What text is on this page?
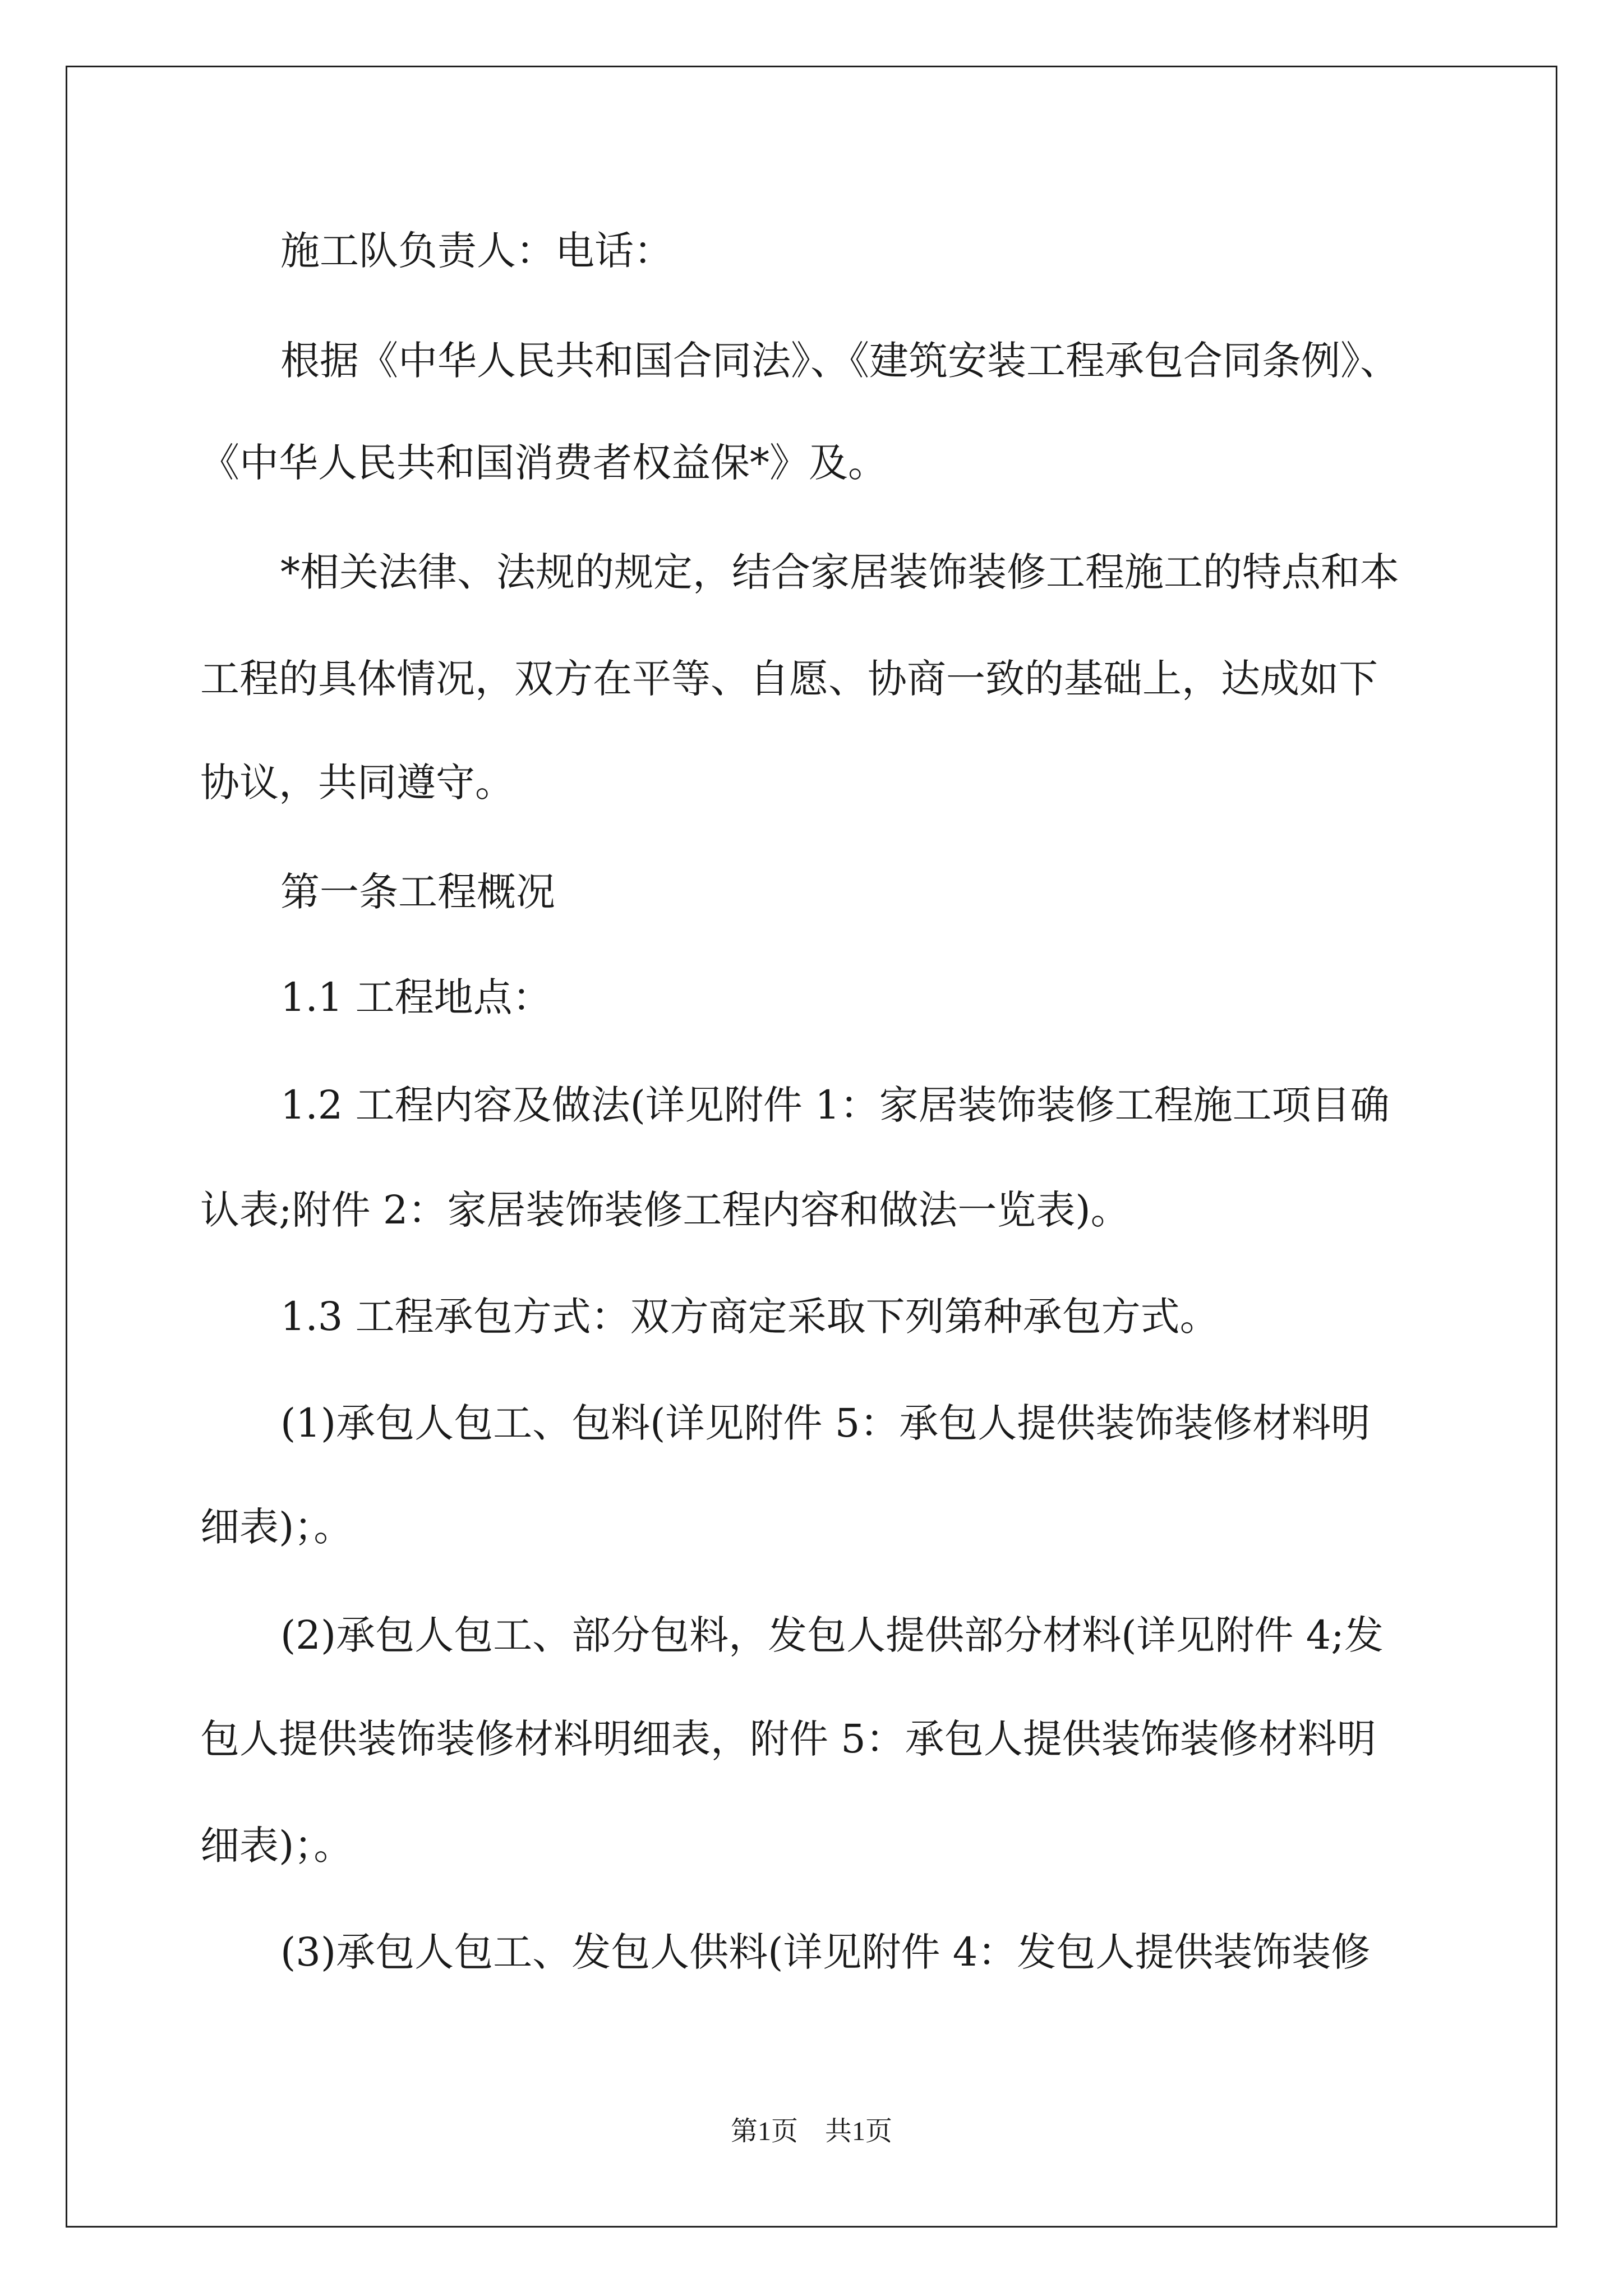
施工队负责人：电话：
根据《中华人民共和国合同法》、《建筑安装工程承包合同条例》、
《中华人民共和国消费者权益保*》及。
*相关法律、法规的规定，结合家居装饰装修工程施工的特点和本
工程的具体情况，双方在平等、自愿、协商一致的基础上，达成如下
协议，共同遵守。
第一条工程概况
1.1 工程地点：
1.2 工程内容及做法(详见附件 1：家居装饰装修工程施工项目确
认表;附件 2：家居装饰装修工程内容和做法一览表)。
1.3 工程承包方式：双方商定采取下列第种承包方式。
(1)承包人包工、包料(详见附件 5：承包人提供装饰装修材料明
细表)；。
(2)承包人包工、部分包料，发包人提供部分材料(详见附件 4;发
包人提供装饰装修材料明细表，附件 5：承包人提供装饰装修材料明
细表)；。
(3)承包人包工、发包人供料(详见附件 4：发包人提供装饰装修
第1页　共1页
